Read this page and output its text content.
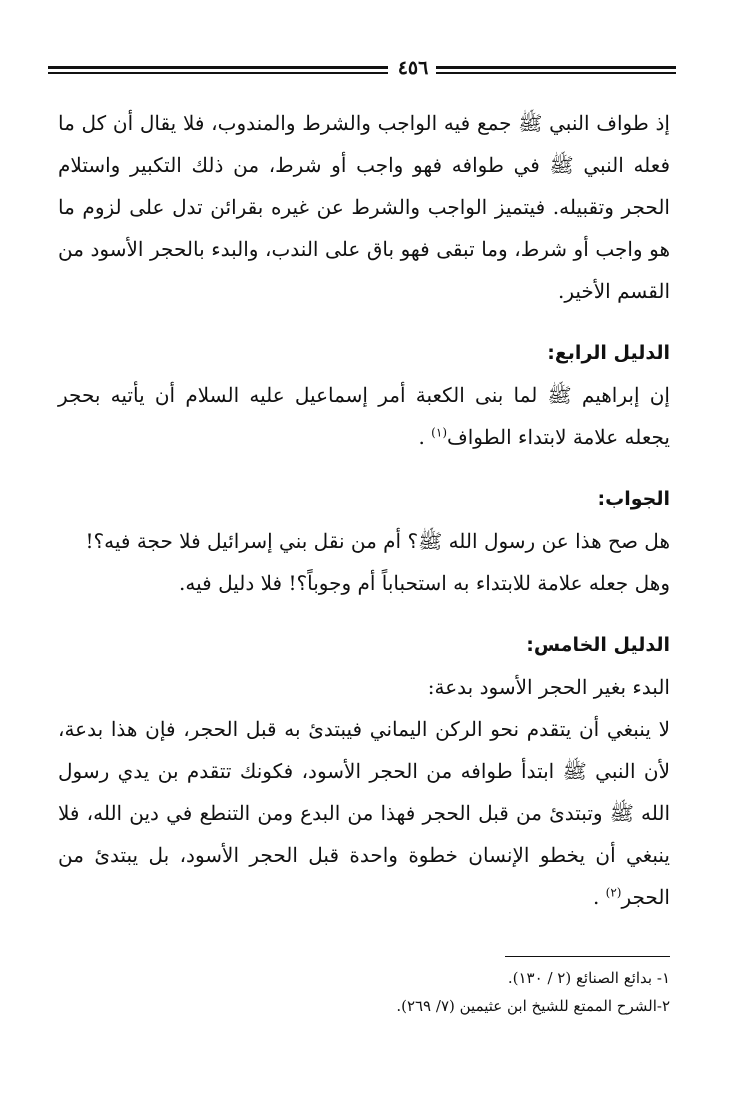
٤٥٦

إذ طواف النبي ﷺ جمع فيه الواجب والشرط والمندوب، فلا يقال أن كل ما فعله النبي ﷺ في طوافه فهو واجب أو شرط، من ذلك التكبير واستلام الحجر وتقبيله. فيتميز الواجب والشرط عن غيره بقرائن تدل على لزوم ما هو واجب أو شرط، وما تبقى فهو باق على الندب، والبدء بالحجر الأسود من القسم الأخير.

الدليل الرابع:

إن إبراهيم ﷺ لما بنى الكعبة أمر إسماعيل عليه السلام أن يأتيه بحجر يجعله علامة لابتداء الطواف$^{(١)}$ .

الجواب:

هل صح هذا عن رسول الله ﷺ؟ أم من نقل بني إسرائيل فلا حجة فيه؟!

وهل جعله علامة للابتداء به استحباباً أم وجوباً؟! فلا دليل فيه.

الدليل الخامس:

البدء بغير الحجر الأسود بدعة:

لا ينبغي أن يتقدم نحو الركن اليماني فيبتدئ به قبل الحجر، فإن هذا بدعة، لأن النبي ﷺ ابتدأ طوافه من الحجر الأسود، فكونك تتقدم بن يدي رسول الله ﷺ وتبتدئ من قبل الحجر فهذا من البدع ومن التنطع في دين الله، فلا ينبغي أن يخطو الإنسان خطوة واحدة قبل الحجر الأسود، بل يبتدئ من الحجر$^{(٢)}$ .

١- بدائع الصنائع (٢ / ١٣٠).

٢-الشرح الممتع للشيخ ابن عثيمين (٧/ ٢٦٩).
